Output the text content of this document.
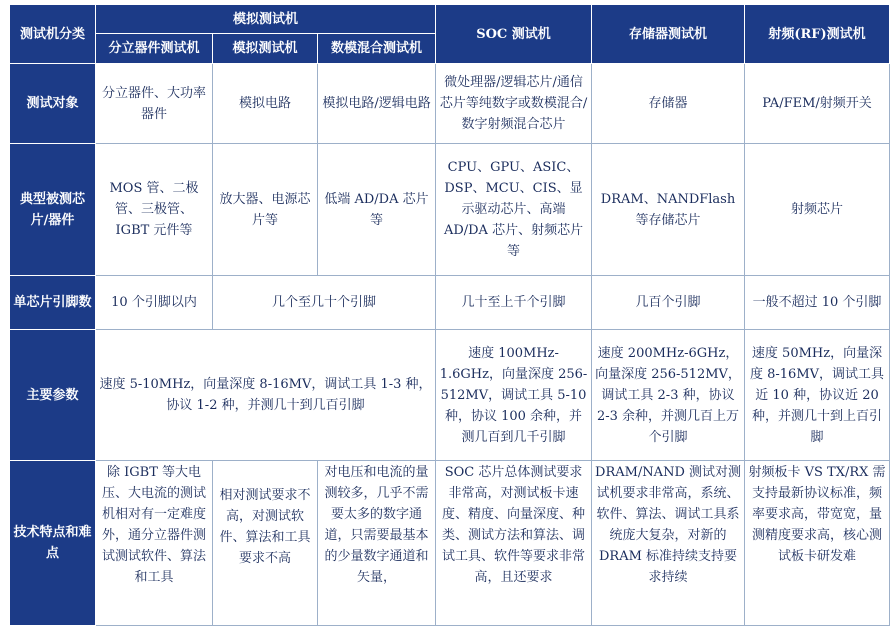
测试机分类	模拟测试机			SOC 测试机	存储器测试机	射频(RF)测试机
	分立器件测试机	模拟测试机	数模混合测试机			
测试对象	分立器件、大功率器件	模拟电路	模拟电路/逻辑电路	微处理器/逻辑芯片/通信芯片等纯数字或数模混合/数字射频混合芯片	存储器	PA/FEM/射频开关
典型被测芯片/器件	MOS 管、二极管、三极管、IGBT 元件等	放大器、电源芯片等	低端 AD/DA 芯片等	CPU、GPU、ASIC、DSP、MCU、CIS、显示驱动芯片、高端 AD/DA 芯片、射频芯片等	DRAM、NANDFlash 等存储芯片	射频芯片
单芯片引脚数	10 个引脚以内	几个至几十个引脚		几十至上千个引脚	几百个引脚	一般不超过 10 个引脚
主要参数	速度 5-10MHz，向量深度 8-16MV，调试工具 1-3 种，协议 1-2 种，并测几十到几百引脚			速度 100MHz-1.6GHz，向量深度 256-512MV，调试工具 5-10 种，协议 100 余种，并测几百到几千引脚	速度 200MHz-6GHz，向量深度 256-512MV，调试工具 2-3 种，协议 2-3 余种，并测几百上万个引脚	速度 50MHz，向量深度 8-16MV，调试工具近 10 种，协议近 20 种，并测几十到上百引脚
技术特点和难点	除 IGBT 等大电压、大电流的测试机相对有一定难度外，通分立器件测试测试软件、算法和工具	相对测试要求不高，对测试软件、算法和工具要求不高	对电压和电流的量测较多，几乎不需要太多的数字通道，只需要最基本的少量数字通道和矢量，	SOC 芯片总体测试要求非常高，对测试板卡速度、精度、向量深度、种类、测试方法和算法、调试工具、软件等要求非常高，且还要求	DRAM/NAND 测试对测试机要求非常高，系统、软件、算法、调试工具系统庞大复杂，对新的 DRAM 标准持续支持要求持续	射频板卡 VS TX/RX 需支持最新协议标准，频率要求高，带宽宽，量测精度要求高，核心测试板卡研发难
